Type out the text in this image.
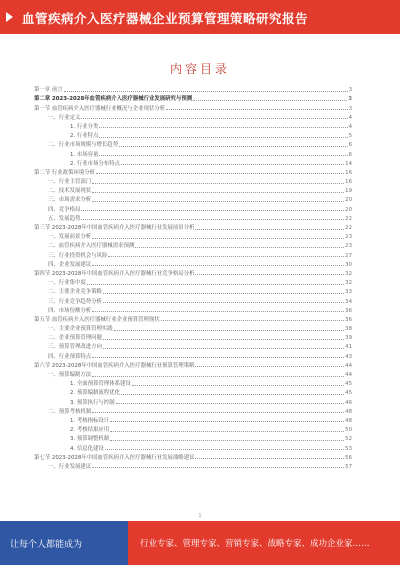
血管疾病介入医疗器械企业预算管理策略研究报告
内容目录
第一章 前言	3
第二章 2023-2028年血管疾病介入医疗器械行业发展研究与预测	3
第一节 血管疾病介入医疗器械行业概况与企业现状分析	3
一、行业定义	4
1. 行业分类	4
2. 行业特点	5
二、行业市场规模与增长趋势	6
1. 市场容量	6
2. 行业市场分布特点	14
第二节 行业政策环境分析	16
一、行业主管部门	16
二、技术发展现状	19
三、市场需求分析	20
四、竞争格局	20
五、发展趋势	22
第三节 2023-2028年中国血管疾病介入医疗器械行业发展前景分析	22
一、发展前景分析	23
二、血管疾病介入医疗器械需求预测	23
三、行业投资机会与风险	27
四、企业发展建议	30
第四节 2023-2028年中国血管疾病介入医疗器械行业竞争格局分析	32
一、行业集中度	32
二、主要企业竞争策略	33
三、行业竞争趋势分析	34
四、市场份额分析	36
第五节 血管疾病介入医疗器械行业企业预算管理现状	36
一、主要企业预算管理实践	38
二、企业预算管理问题	39
三、预算管理改进方向	41
四、行业预算特点	43
第六节 2023-2028年中国血管疾病介入医疗器械行业预算管理策略	44
一、预算编制方法	44
1. 全面预算管理体系建设	45
2. 预算编制流程优化	45
3. 预算执行与控制	46
二、预算考核机制	48
1. 考核指标设计	48
2. 考核结果应用	50
3. 预算调整机制	52
4. 信息化建设	53
第七节 2023-2028年中国血管疾病介入医疗器械行业发展战略建议	56
一、行业发展建议	57
1
让每个人都能成为	行业专家、管理专家、营销专家、战略专家、成功企业家……
